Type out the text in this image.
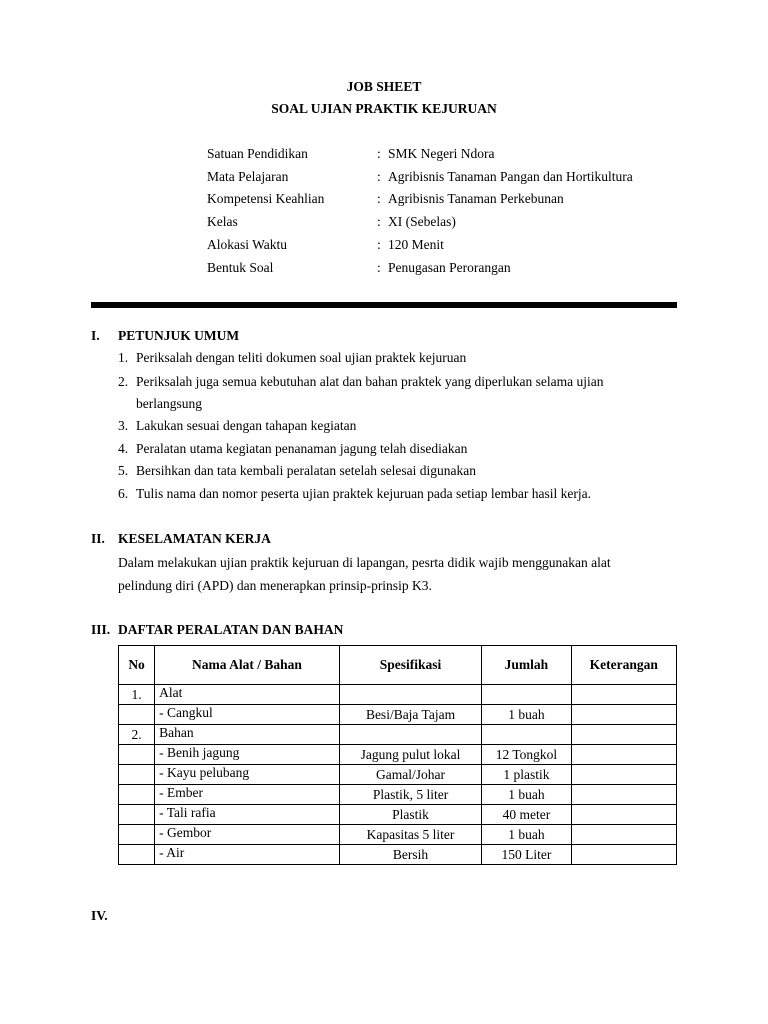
JOB SHEET
SOAL UJIAN PRAKTIK KEJURUAN
Satuan Pendidikan	: SMK Negeri Ndora
Mata Pelajaran	: Agribisnis Tanaman Pangan dan Hortikultura
Kompetensi Keahlian	: Agribisnis Tanaman Perkebunan
Kelas	: XI (Sebelas)
Alokasi Waktu	: 120 Menit
Bentuk Soal	: Penugasan Perorangan
I. PETUNJUK UMUM
1. Periksalah dengan teliti dokumen soal ujian praktek kejuruan
2. Periksalah juga semua kebutuhan alat dan bahan praktek yang diperlukan selama ujian
berlangsung
3. Lakukan sesuai dengan tahapan kegiatan
4. Peralatan utama kegiatan penanaman jagung telah disediakan
5. Bersihkan dan tata kembali peralatan setelah selesai digunakan
6. Tulis nama dan nomor peserta ujian praktek kejuruan pada setiap lembar hasil kerja.
II. KESELAMATAN KERJA
Dalam melakukan ujian praktik kejuruan di lapangan, pesrta didik wajib menggunakan alat
pelindung diri (APD) dan menerapkan prinsip-prinsip K3.
III. DAFTAR PERALATAN DAN BAHAN
No	Nama Alat / Bahan	Spesifikasi	Jumlah	Keterangan
1.	Alat			
	- Cangkul	Besi/Baja Tajam	1 buah	
2.	Bahan			
	- Benih jagung	Jagung pulut lokal	12 Tongkol	
	- Kayu pelubang	Gamal/Johar	1 plastik	
	- Ember	Plastik, 5 liter	1 buah	
	- Tali rafia	Plastik	40 meter	
	- Gembor	Kapasitas 5 liter	1 buah	
	- Air	Bersih	150 Liter	
IV.
